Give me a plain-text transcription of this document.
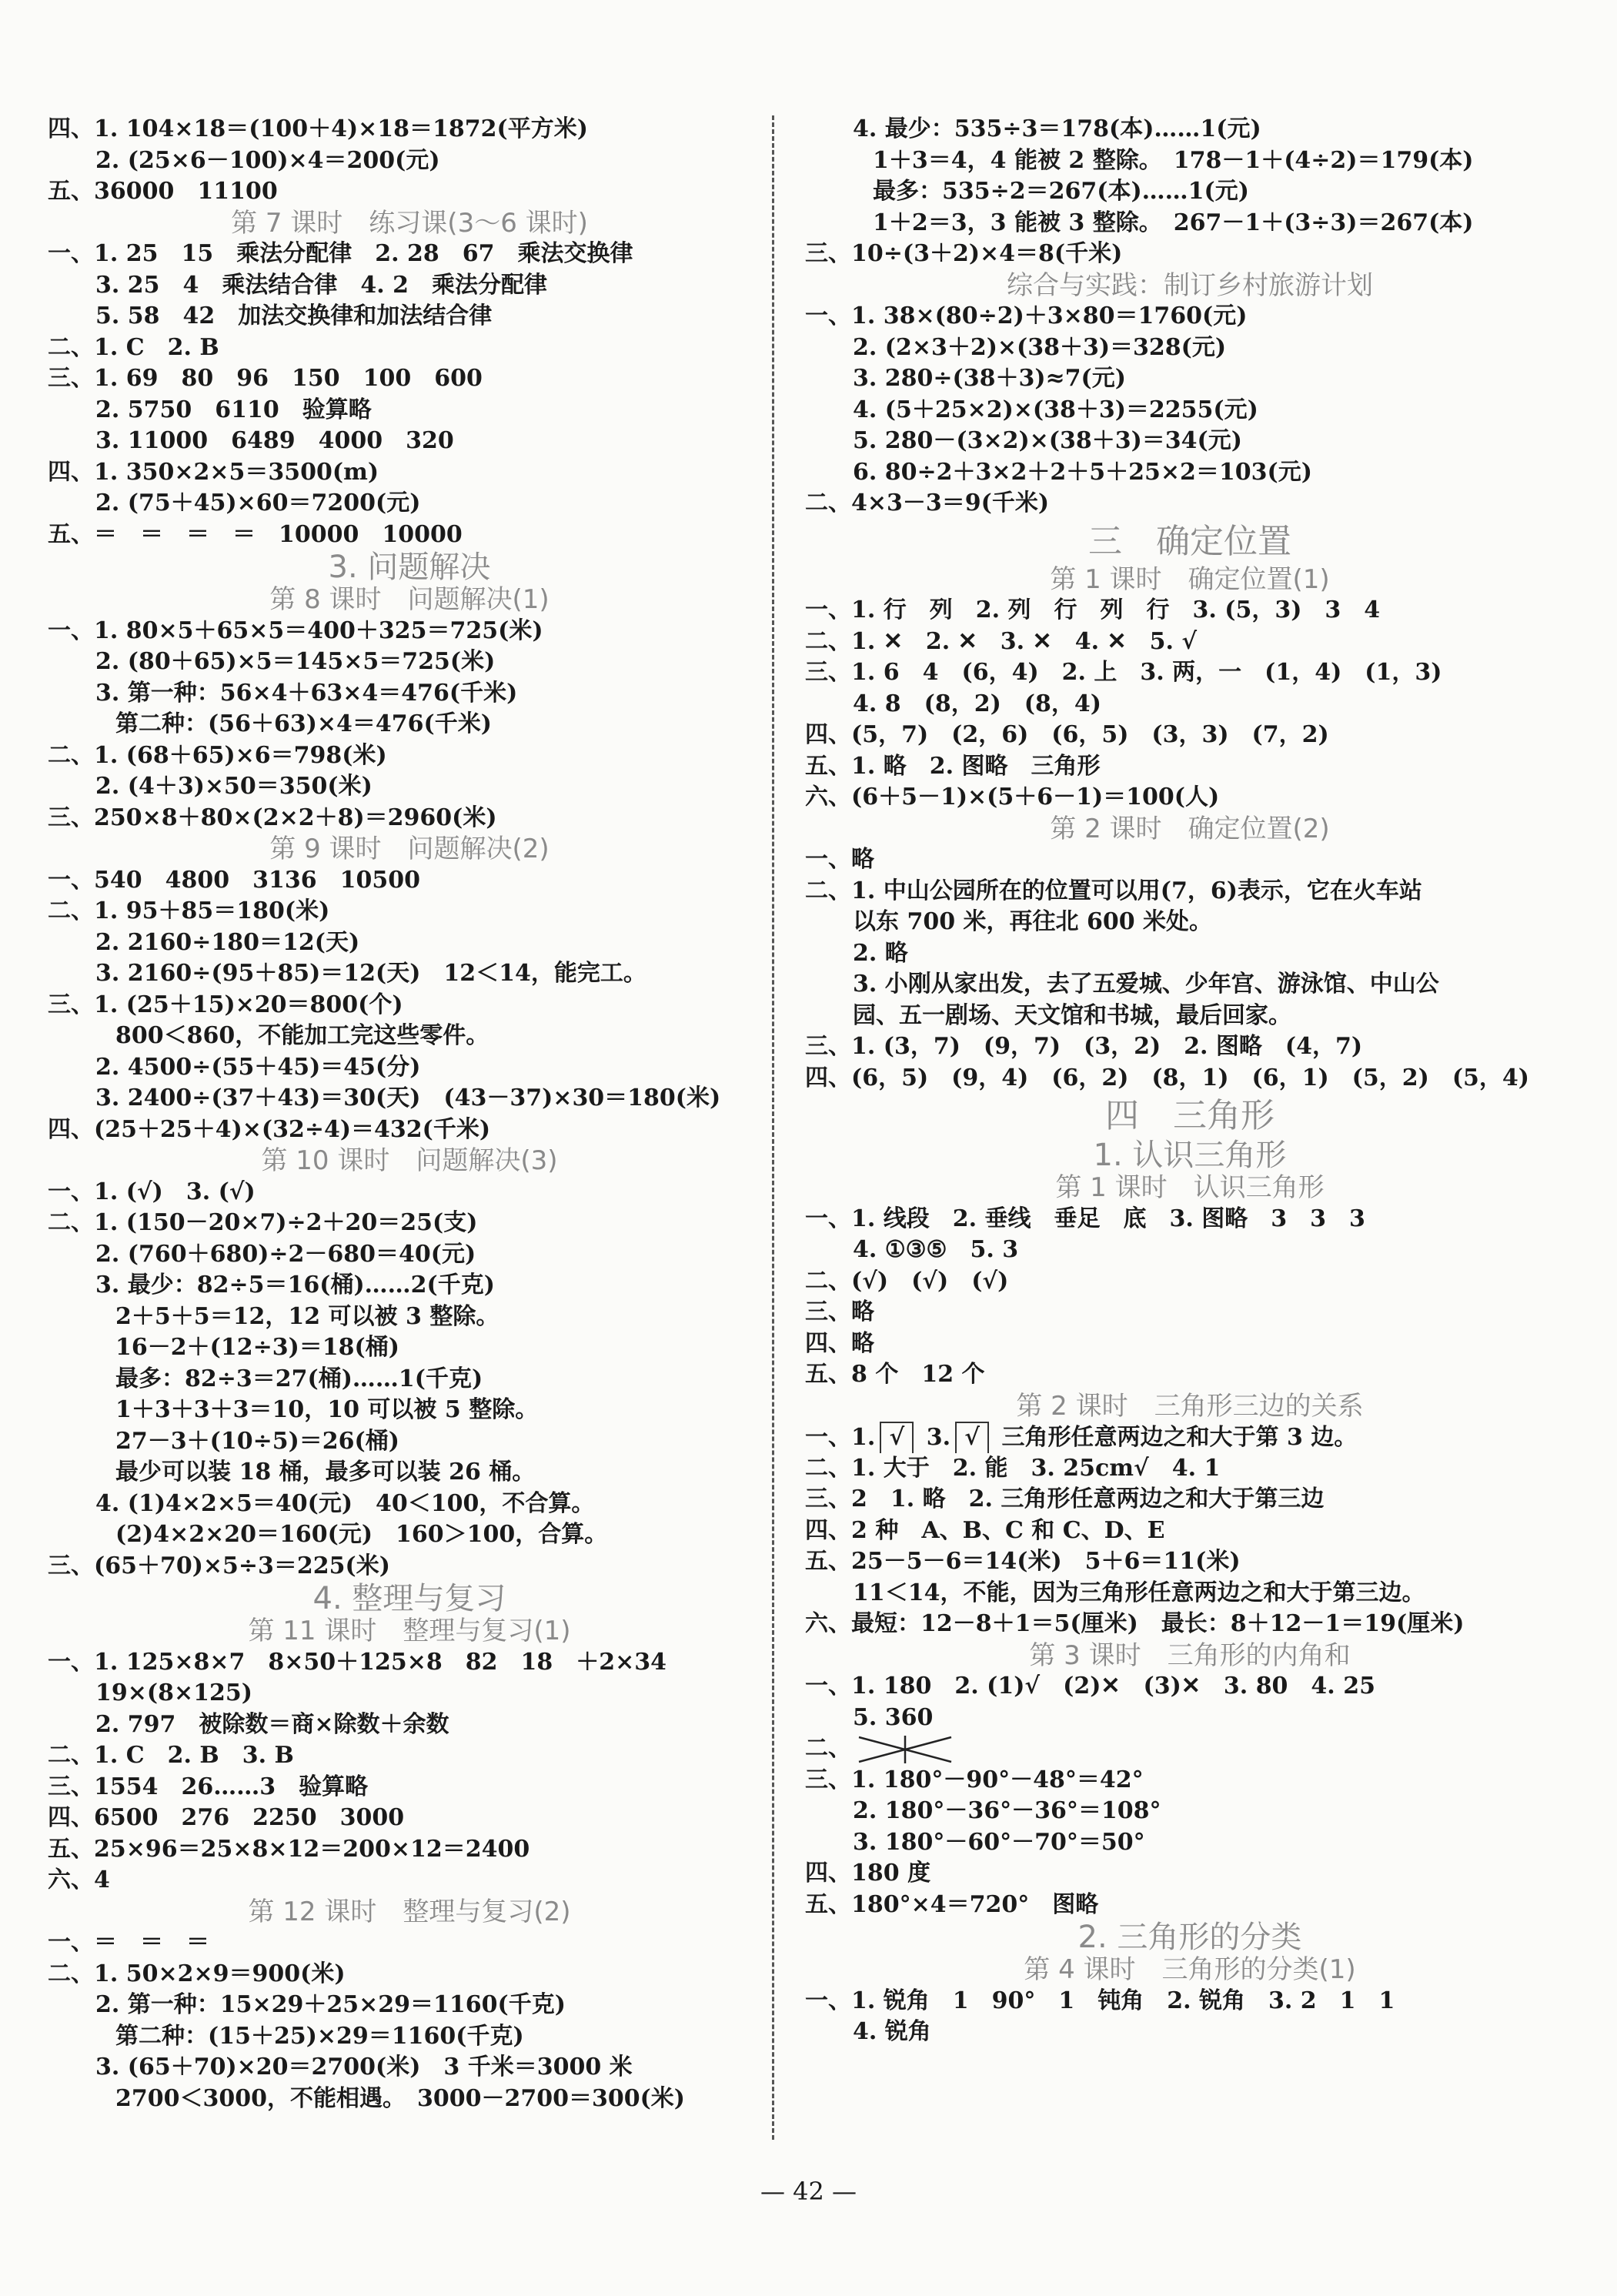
四、1. 104×18＝(100＋4)×18＝1872(平方米)
2. (25×6－100)×4＝200(元)
五、36000　11100
第 7 课时　练习课(3～6 课时)
一、1. 25　15　乘法分配律　2. 28　67　乘法交换律
3. 25　4　乘法结合律　4. 2　乘法分配律
5. 58　42　加法交换律和加法结合律
二、1. C　2. B
三、1. 69　80　96　150　100　600
2. 5750　6110　验算略
3. 11000　6489　4000　320
四、1. 350×2×5＝3500(m)
2. (75＋45)×60＝7200(元)
五、＝　＝　＝　＝　10000　10000
3. 问题解决
第 8 课时　问题解决(1)
一、1. 80×5＋65×5＝400＋325＝725(米)
2. (80＋65)×5＝145×5＝725(米)
3. 第一种：56×4＋63×4＝476(千米)
第二种：(56＋63)×4＝476(千米)
二、1. (68＋65)×6＝798(米)
2. (4＋3)×50＝350(米)
三、250×8＋80×(2×2＋8)＝2960(米)
第 9 课时　问题解决(2)
一、540　4800　3136　10500
二、1. 95＋85＝180(米)
2. 2160÷180＝12(天)
3. 2160÷(95＋85)＝12(天)　12＜14，能完工。
三、1. (25＋15)×20＝800(个)
800＜860，不能加工完这些零件。
2. 4500÷(55＋45)＝45(分)
3. 2400÷(37＋43)＝30(天)　(43－37)×30＝180(米)
四、(25＋25＋4)×(32÷4)＝432(千米)
第 10 课时　问题解决(3)
一、1. (√)　3. (√)
二、1. (150－20×7)÷2＋20＝25(支)
2. (760＋680)÷2－680＝40(元)
3. 最少：82÷5＝16(桶)……2(千克)
2＋5＋5＝12，12 可以被 3 整除。
16－2＋(12÷3)＝18(桶)
最多：82÷3＝27(桶)……1(千克)
1＋3＋3＋3＝10，10 可以被 5 整除。
27－3＋(10÷5)＝26(桶)
最少可以装 18 桶，最多可以装 26 桶。
4. (1)4×2×5＝40(元)　40＜100，不合算。
(2)4×2×20＝160(元)　160＞100，合算。
三、(65＋70)×5÷3＝225(米)
4. 整理与复习
第 11 课时　整理与复习(1)
一、1. 125×8×7　8×50＋125×8　82　18　＋2×34
19×(8×125)
2. 797　被除数＝商×除数＋余数
二、1. C　2. B　3. B
三、1554　26……3　验算略
四、6500　276　2250　3000
五、25×96＝25×8×12＝200×12＝2400
六、4
第 12 课时　整理与复习(2)
一、＝　＝　＝
二、1. 50×2×9＝900(米)
2. 第一种：15×29＋25×29＝1160(千克)
第二种：(15＋25)×29＝1160(千克)
3. (65＋70)×20＝2700(米)　3 千米＝3000 米
2700＜3000，不能相遇。　3000－2700＝300(米)
4. 最少：535÷3＝178(本)……1(元)
1＋3＝4，4 能被 2 整除。　178－1＋(4÷2)＝179(本)
最多：535÷2＝267(本)……1(元)
1＋2＝3，3 能被 3 整除。　267－1＋(3÷3)＝267(本)
三、10÷(3＋2)×4＝8(千米)
综合与实践：制订乡村旅游计划
一、1. 38×(80÷2)＋3×80＝1760(元)
2. (2×3＋2)×(38＋3)＝328(元)
3. 280÷(38＋3)≈7(元)
4. (5＋25×2)×(38＋3)＝2255(元)
5. 280－(3×2)×(38＋3)＝34(元)
6. 80÷2＋3×2＋2＋5＋25×2＝103(元)
二、4×3－3＝9(千米)
三　确定位置
第 1 课时　确定位置(1)
一、1. 行　列　2. 列　行　列　行　3. (5，3)　3　4
二、1. ✕　2. ✕　3. ✕　4. ✕　5. √
三、1. 6　4　(6，4)　2. 上　3. 两，一　(1，4)　(1，3)
4. 8　(8，2)　(8，4)
四、(5，7)　(2，6)　(6，5)　(3，3)　(7，2)
五、1. 略　2. 图略　三角形
六、(6＋5－1)×(5＋6－1)＝100(人)
第 2 课时　确定位置(2)
一、略
二、1. 中山公园所在的位置可以用(7，6)表示，它在火车站
以东 700 米，再往北 600 米处。
2. 略
3. 小刚从家出发，去了五爱城、少年宫、游泳馆、中山公
园、五一剧场、天文馆和书城，最后回家。
三、1. (3，7)　(9，7)　(3，2)　2. 图略　(4，7)
四、(6，5)　(9，4)　(6，2)　(8，1)　(6，1)　(5，2)　(5，4)
四　三角形
1. 认识三角形
第 1 课时　认识三角形
一、1. 线段　2. 垂线　垂足　底　3. 图略　3　3　3
4. ①③⑤　5. 3
二、(√)　(√)　(√)
三、略
四、略
五、8 个　12 个
第 2 课时　三角形三边的关系
一、1. √ 3. √ 三角形任意两边之和大于第 3 边。
二、1. 大于　2. 能　3. 25cm√　4. 1
三、2　1. 略　2. 三角形任意两边之和大于第三边
四、2 种　A、B、C 和 C、D、E
五、25－5－6＝14(米)　5＋6＝11(米)
11＜14，不能，因为三角形任意两边之和大于第三边。
六、最短：12－8＋1＝5(厘米)　最长：8＋12－1＝19(厘米)
第 3 课时　三角形的内角和
一、1. 180　2. (1)√　(2)✕　(3)✕　3. 80　4. 25
5. 360
二、
三、1. 180°－90°－48°＝42°
2. 180°－36°－36°＝108°
3. 180°－60°－70°＝50°
四、180 度
五、180°×4＝720°　图略
2. 三角形的分类
第 4 课时　三角形的分类(1)
一、1. 锐角　1　90°　1　钝角　2. 锐角　3. 2　1　1
4. 锐角
— 42 —
